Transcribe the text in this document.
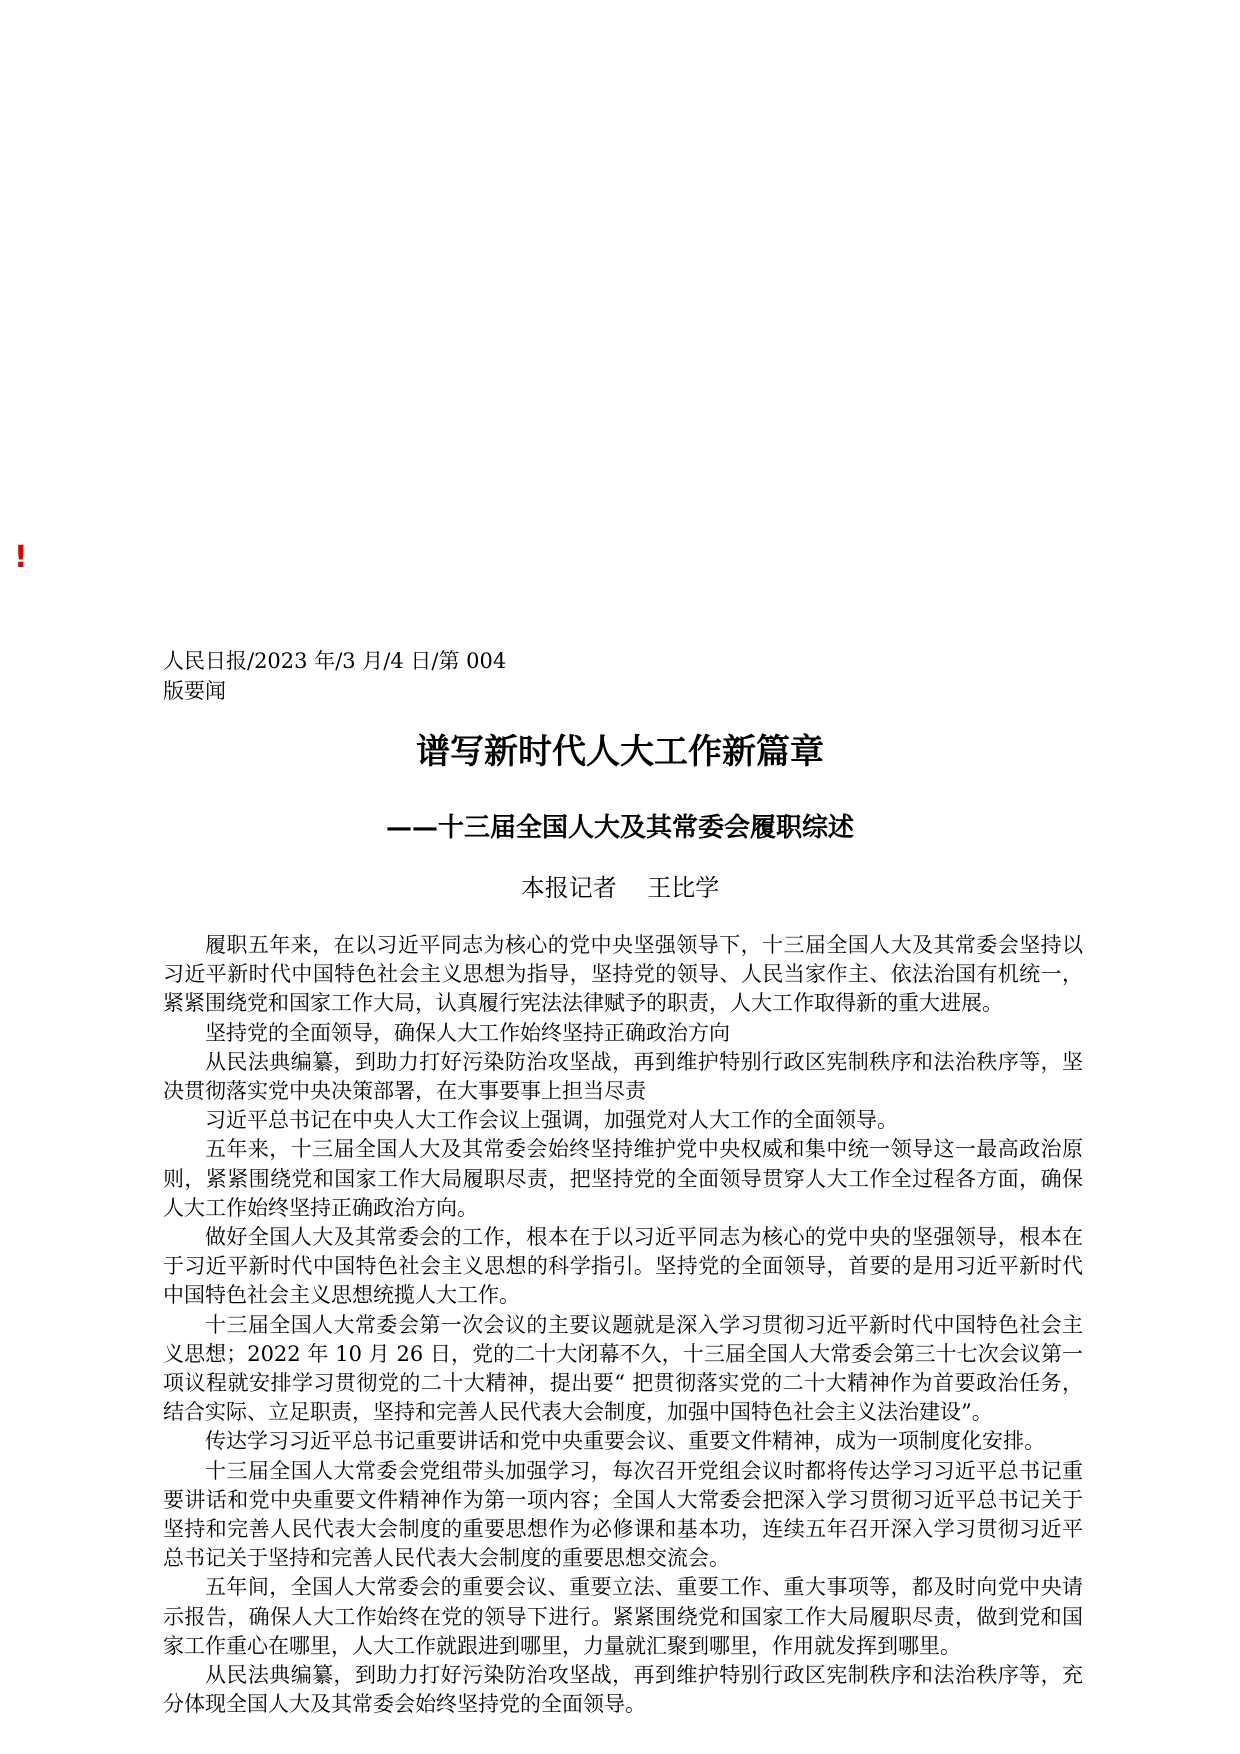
!
人民日报/2023 年/3 月/4 日/第 004
版要闻
谱写新时代人大工作新篇章
——十三届全国人大及其常委会履职综述
本报记者    王比学

履职五年来，在以习近平同志为核心的党中央坚强领导下，十三届全国人大及其常委会坚持以习近平新时代中国特色社会主义思想为指导，坚持党的领导、人民当家作主、依法治国有机统一，紧紧围绕党和国家工作大局，认真履行宪法法律赋予的职责，人大工作取得新的重大进展。

坚持党的全面领导，确保人大工作始终坚持正确政治方向

从民法典编纂，到助力打好污染防治攻坚战，再到维护特别行政区宪制秩序和法治秩序等，坚决贯彻落实党中央决策部署，在大事要事上担当尽责

习近平总书记在中央人大工作会议上强调，加强党对人大工作的全面领导。

五年来，十三届全国人大及其常委会始终坚持维护党中央权威和集中统一领导这一最高政治原则，紧紧围绕党和国家工作大局履职尽责，把坚持党的全面领导贯穿人大工作全过程各方面，确保人大工作始终坚持正确政治方向。

做好全国人大及其常委会的工作，根本在于以习近平同志为核心的党中央的坚强领导，根本在于习近平新时代中国特色社会主义思想的科学指引。坚持党的全面领导，首要的是用习近平新时代中国特色社会主义思想统揽人大工作。

十三届全国人大常委会第一次会议的主要议题就是深入学习贯彻习近平新时代中国特色社会主义思想；2022 年 10 月 26 日，党的二十大闭幕不久，十三届全国人大常委会第三十七次会议第一项议程就安排学习贯彻党的二十大精神，提出要“ 把贯彻落实党的二十大精神作为首要政治任务，结合实际、立足职责，坚持和完善人民代表大会制度，加强中国特色社会主义法治建设”。

传达学习习近平总书记重要讲话和党中央重要会议、重要文件精神，成为一项制度化安排。

十三届全国人大常委会党组带头加强学习，每次召开党组会议时都将传达学习习近平总书记重要讲话和党中央重要文件精神作为第一项内容；全国人大常委会把深入学习贯彻习近平总书记关于坚持和完善人民代表大会制度的重要思想作为必修课和基本功，连续五年召开深入学习贯彻习近平总书记关于坚持和完善人民代表大会制度的重要思想交流会。

五年间，全国人大常委会的重要会议、重要立法、重要工作、重大事项等，都及时向党中央请示报告，确保人大工作始终在党的领导下进行。紧紧围绕党和国家工作大局履职尽责，做到党和国家工作重心在哪里，人大工作就跟进到哪里，力量就汇聚到哪里，作用就发挥到哪里。

从民法典编纂，到助力打好污染防治攻坚战，再到维护特别行政区宪制秩序和法治秩序等，充分体现全国人大及其常委会始终坚持党的全面领导。
